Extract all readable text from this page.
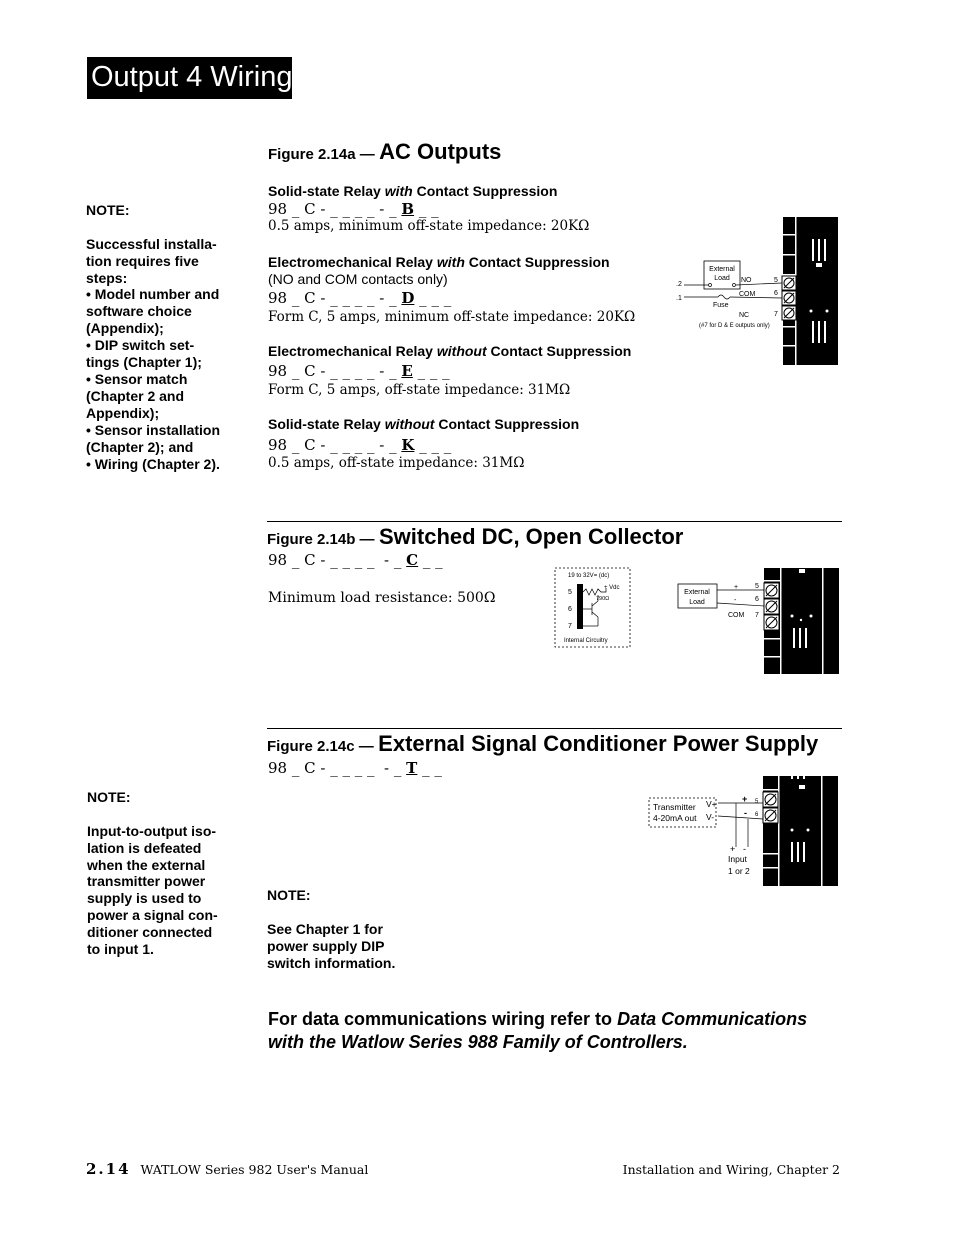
Output 4 Wiring

NOTE:

Successful installa-
tion requires five
steps:
• Model number and
software choice
(Appendix);
• DIP switch set-
tings (Chapter 1);
• Sensor match
(Chapter 2 and
Appendix);
• Sensor installation
(Chapter 2); and
• Wiring (Chapter 2).

Figure 2.14a — AC Outputs
Solid-state Relay with Contact Suppression
98 _ C - _ _ _ _ - _ B _ _
0.5 amps, minimum off-state impedance: 20KΩ
Electromechanical Relay with Contact Suppression
(NO and COM contacts only)
98 _ C - _ _ _ _ - _ D _ _ _
Form C, 5 amps, minimum off-state impedance: 20KΩ
Electromechanical Relay without Contact Suppression
98 _ C - _ _ _ _ - _ E _ _ _
Form C, 5 amps, off-state impedance: 31MΩ
Solid-state Relay without Contact Suppression
98 _ C - _ _ _ _ - _ K _ _ _
0.5 amps, off-state impedance: 31MΩ
External
Load
.2
.1
Fuse
NO
COM
NC
5
6
7
(#7 for D & E outputs only)
Figure 2.14b — Switched DC, Open Collector
98 _ C - _ _ _ _  - _ C _ _
Minimum load resistance: 500Ω
19 to 32V= (dc)
5
6
7
+ Vdc
790Ω
Internal Circuitry
External
Load
+
-
COM
5
6
7

NOTE:

Input-to-output iso-
lation is defeated
when the external
transmitter power
supply is used to
power a signal con-
ditioner connected
to input 1.

Figure 2.14c — External Signal Conditioner Power Supply
98 _ C - _ _ _ _  - _ T _ _

NOTE:

See Chapter 1 for
power supply DIP
switch information.

Transmitter
4-20mA out
V+
V-
+
-
5
6
+ -
Input
1 or 2
For data communications wiring refer to Data Communications with the Watlow Series 988 Family of Controllers.
2.14 WATLOW Series 982 User's Manual	Installation and Wiring, Chapter 2
